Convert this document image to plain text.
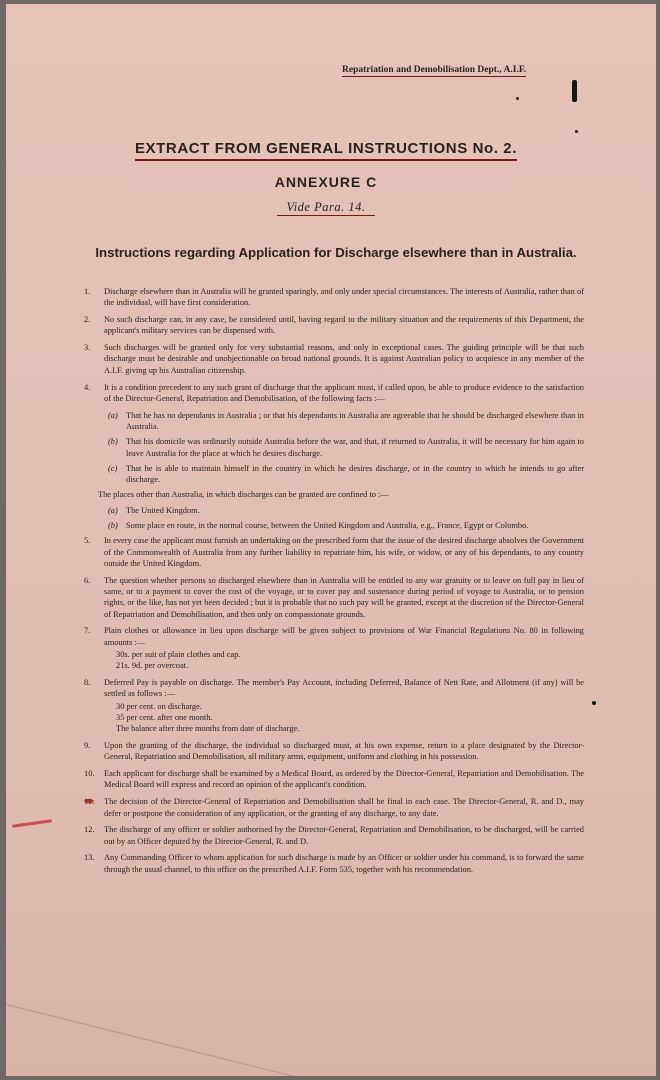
Repatriation and Demobilisation Dept., A.I.F.
EXTRACT FROM GENERAL INSTRUCTIONS No. 2.
ANNEXURE C
Vide Para. 14.
Instructions regarding Application for Discharge elsewhere than in Australia.
1. Discharge elsewhere than in Australia will be granted sparingly, and only under special circumstances. The interests of Australia, rather than of the individual, will have first consideration.
2. No such discharge can, in any case, be considered until, having regard to the military situation and the requirements of this Department, the applicant's military services can be dispensed with.
3. Such discharges will be granted only for very substantial reasons, and only in exceptional cases. The guiding principle will be that such discharge must be desirable and unobjectionable on broad national grounds. It is against Australian policy to acquiesce in any member of the A.I.F. giving up his Australian citizenship.
4. It is a condition precedent to any such grant of discharge that the applicant must, if called upon, be able to produce evidence to the satisfaction of the Director-General, Repatriation and Demobilisation, of the following facts :—
(a) That he has no dependants in Australia ; or that his dependants in Australia are agreeable that he should be discharged elsewhere than in Australia.
(b) That his domicile was ordinarily outside Australia before the war, and that, if returned to Australia, it will be necessary for him again to leave Australia for the place at which he desires discharge.
(c) That he is able to maintain himself in the country in which he desires discharge, or in the country to which he intends to go after discharge.
The places other than Australia, in which discharges can be granted are confined to :—
(a) The United Kingdom.
(b) Some place en route, in the normal course, between the United Kingdom and Australia, e.g., France, Egypt or Colombo.
5. In every case the applicant must furnish an undertaking on the prescribed form that the issue of the desired discharge absolves the Government of the Commonwealth of Australia from any further liability to repatriate him, his wife, or widow, or any of his dependants, to any country outside the United Kingdom.
6. The question whether persons so discharged elsewhere than in Australia will be entitled to any war gratuity or to leave on full pay in lieu of same, or to a payment to cover the cost of the voyage, or to cover pay and sustenance during period of voyage to Australia, or to pension rights, or the like, has not yet been decided ; but it is probable that no such pay will be granted, except at the discretion of the Director-General of Repatriation and Demobilisation, and then only on compassionate grounds.
7. Plain clothes or allowance in lieu upon discharge will be given subject to provisions of War Financial Regulations No. 80 in following amounts :—
30s. per suit of plain clothes and cap.
21s. 9d. per overcoat.
8. Deferred Pay is payable on discharge. The member's Pay Account, including Deferred, Balance of Nett Rate, and Allotment (if any) will be settled as follows :—
30 per cent. on discharge.
35 per cent. after one month.
The balance after three months from date of discharge.
9. Upon the granting of the discharge, the individual so discharged must, at his own expense, return to a place designated by the Director-General, Repatriation and Demobilisation, all military arms, equipment, uniform and clothing in his possession.
10. Each applicant for discharge shall be examined by a Medical Board, as ordered by the Director-General, Repatriation and Demobilisation. The Medical Board will express and record an opinion of the applicant's condition.
11. The decision of the Director-General of Repatriation and Demobilisation shall be final in each case. The Director-General, R. and D., may defer or postpone the consideration of any application, or the granting of any discharge, to any date.
12. The discharge of any officer or soldier authorised by the Director-General, Repatriation and Demobilisation, to be discharged, will be carried out by an Officer deputed by the Director-General, R. and D.
13. Any Commanding Officer to whom application for such discharge is made by an Officer or soldier under his command, is to forward the same through the usual channel, to this office on the prescribed A.I.F. Form 535, together with his recommendation.
